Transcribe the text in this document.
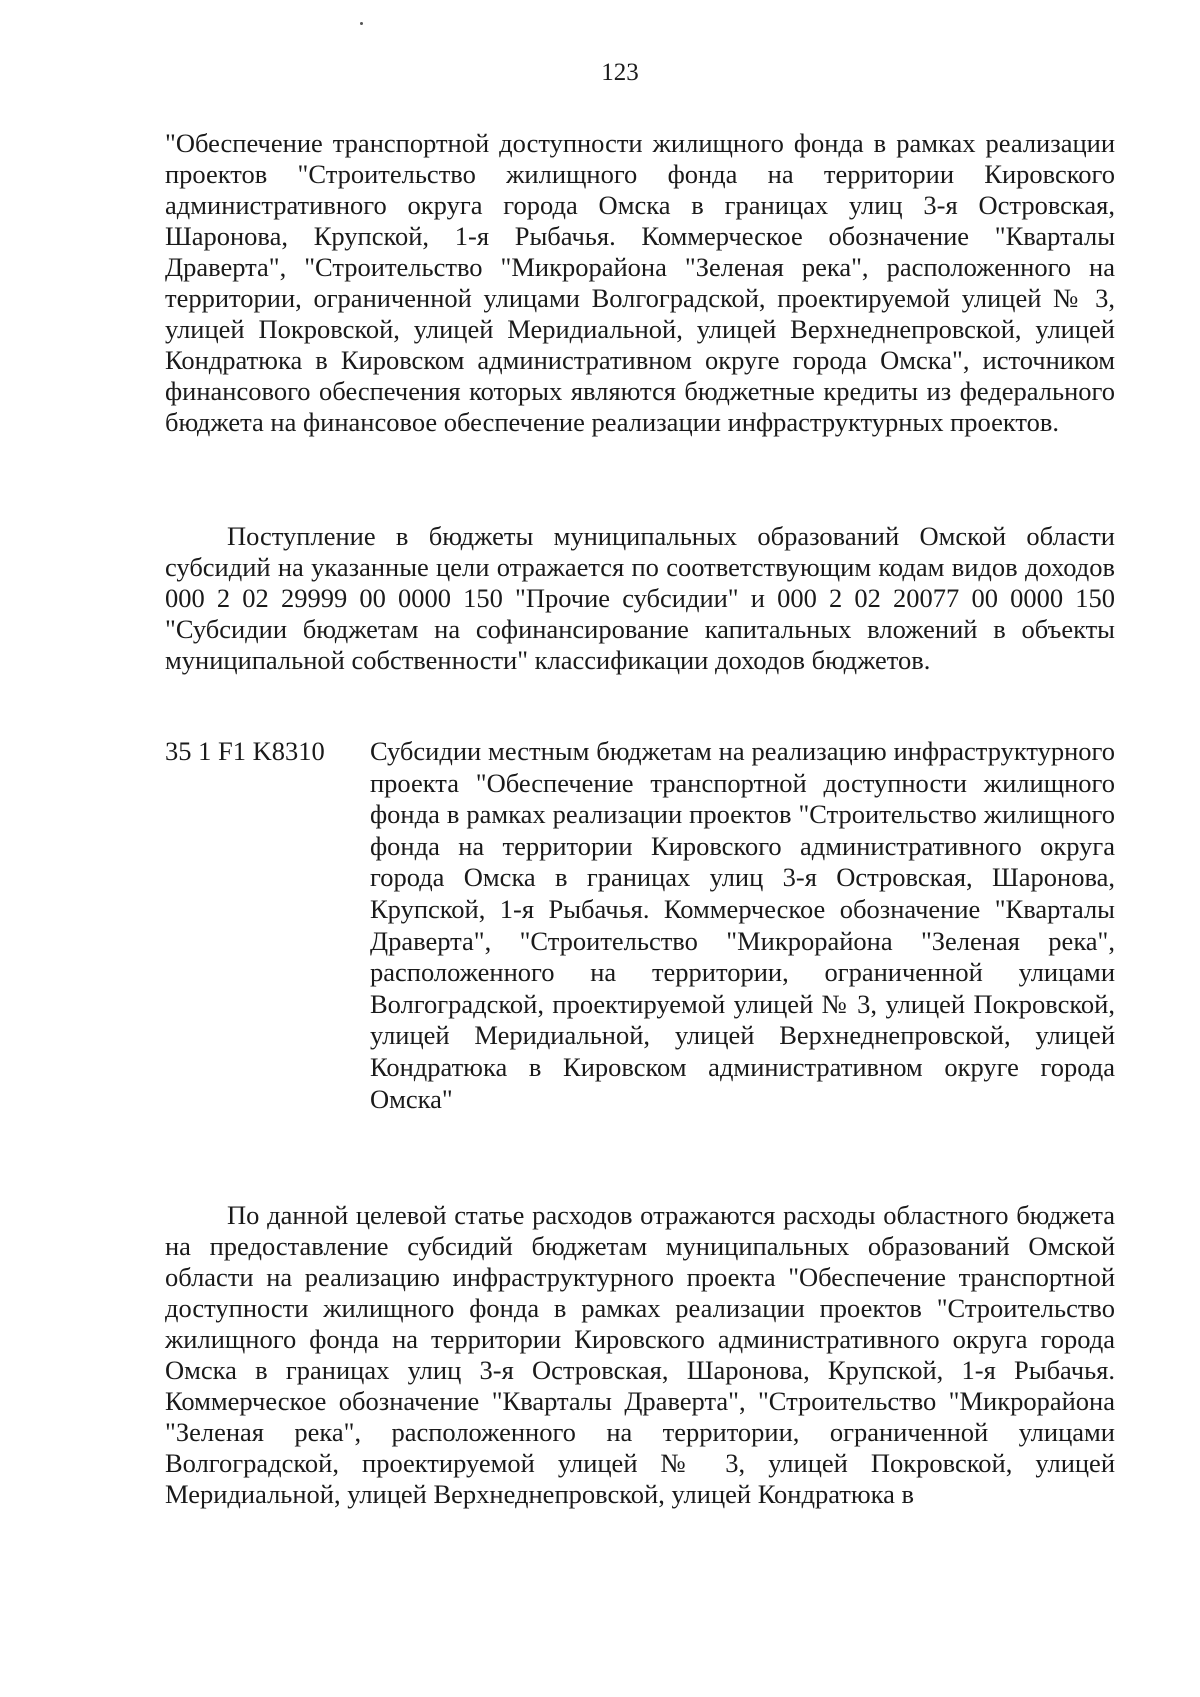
123

"Обеспечение транспортной доступности жилищного фонда в рамках реализации проектов "Строительство жилищного фонда на территории Кировского административного округа города Омска в границах улиц 3-я Островская, Шаронова, Крупской, 1-я Рыбачья. Коммерческое обозначение "Кварталы Драверта", "Строительство "Микрорайона "Зеленая река", расположенного на территории, ограниченной улицами Волгоградской, проектируемой улицей № 3, улицей Покровской, улицей Меридиальной, улицей Верхнеднепровской, улицей Кондратюка в Кировском административном округе города Омска", источником финансового обеспечения которых являются бюджетные кредиты из федерального бюджета на финансовое обеспечение реализации инфраструктурных проектов.

Поступление в бюджеты муниципальных образований Омской области субсидий на указанные цели отражается по соответствующим кодам видов доходов 000 2 02 29999 00 0000 150 "Прочие субсидии" и 000 2 02 20077 00 0000 150 "Субсидии бюджетам на софинансирование капитальных вложений в объекты муниципальной собственности" классификации доходов бюджетов.

35 1 F1 K8310 Субсидии местным бюджетам на реализацию инфраструктурного проекта "Обеспечение транспортной доступности жилищного фонда в рамках реализации проектов "Строительство жилищного фонда на территории Кировского административного округа города Омска в границах улиц 3-я Островская, Шаронова, Крупской, 1-я Рыбачья. Коммерческое обозначение "Кварталы Драверта", "Строительство "Микрорайона "Зеленая река", расположенного на территории, ограниченной улицами Волгоградской, проектируемой улицей № 3, улицей Покровской, улицей Меридиальной, улицей Верхнеднепровской, улицей Кондратюка в Кировском административном округе города Омска"

По данной целевой статье расходов отражаются расходы областного бюджета на предоставление субсидий бюджетам муниципальных образований Омской области на реализацию инфраструктурного проекта "Обеспечение транспортной доступности жилищного фонда в рамках реализации проектов "Строительство жилищного фонда на территории Кировского административного округа города Омска в границах улиц 3-я Островская, Шаронова, Крупской, 1-я Рыбачья. Коммерческое обозначение "Кварталы Драверта", "Строительство "Микрорайона "Зеленая река", расположенного на территории, ограниченной улицами Волгоградской, проектируемой улицей № 3, улицей Покровской, улицей Меридиальной, улицей Верхнеднепровской, улицей Кондратюка в
